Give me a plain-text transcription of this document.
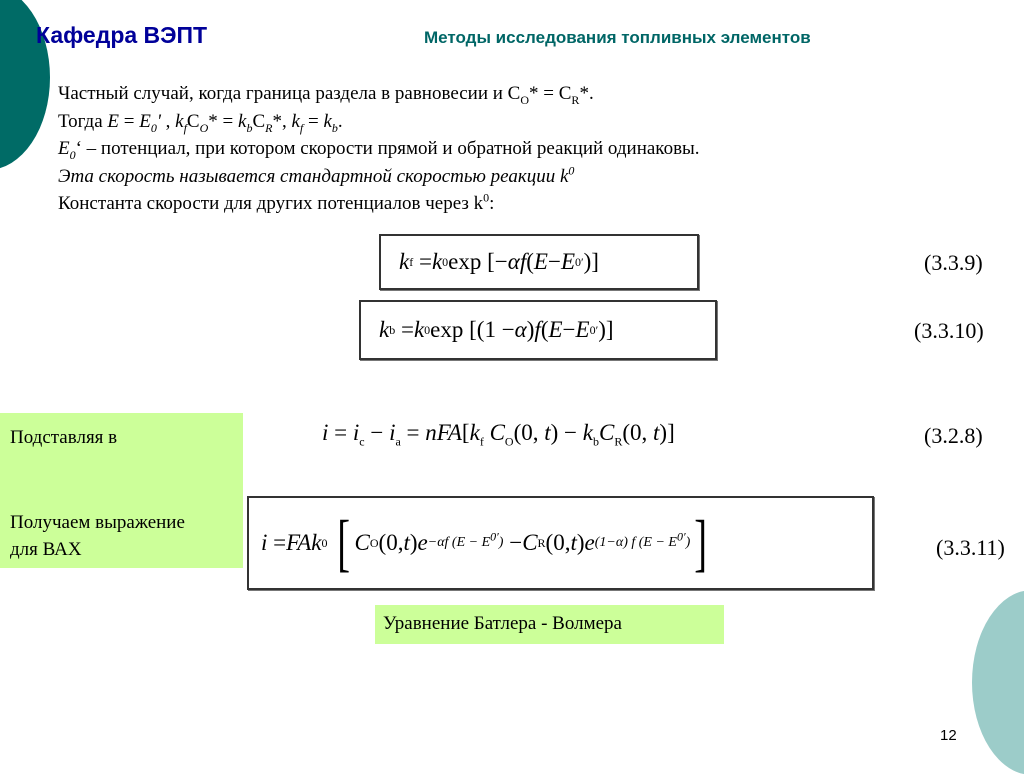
Кафедра ВЭПТ	Методы исследования топливных элементов
Частный случай, когда граница раздела в равновесии и $C_O* = C_R*$.
Тогда $E = E_0'$ , $k_fC_O* = k_bC_R*$, $k_f = k_b$.
$E_0‘$ – потенциал, при котором скорости прямой и обратной реакций одинаковы.
Эта скорость называется стандартной скоростью реакции $k^0$
Константа скорости для других потенциалов через $k^0$:
k f = k 0 exp [− αf ( E − E 0′ )]	(3.3.9)
k b = k 0 exp [(1 − α ) f ( E − E 0′ )]	(3.3.10)
Подставляя в
Получаем выражение
для ВАХ
$i = i_c - i_a = nFA[k_f$ $C_O(0$, $t) - k_bC_R(0$, t)]	(3.2.8)
i = FAk 0
[ C O (0, t ) e −αf $(E - E^{0'}) - C$ R (0, t ) e (1−α) f $(E - E^{0'})$ ]	(3.3.11)
Уравнение Батлера - Волмера
12
